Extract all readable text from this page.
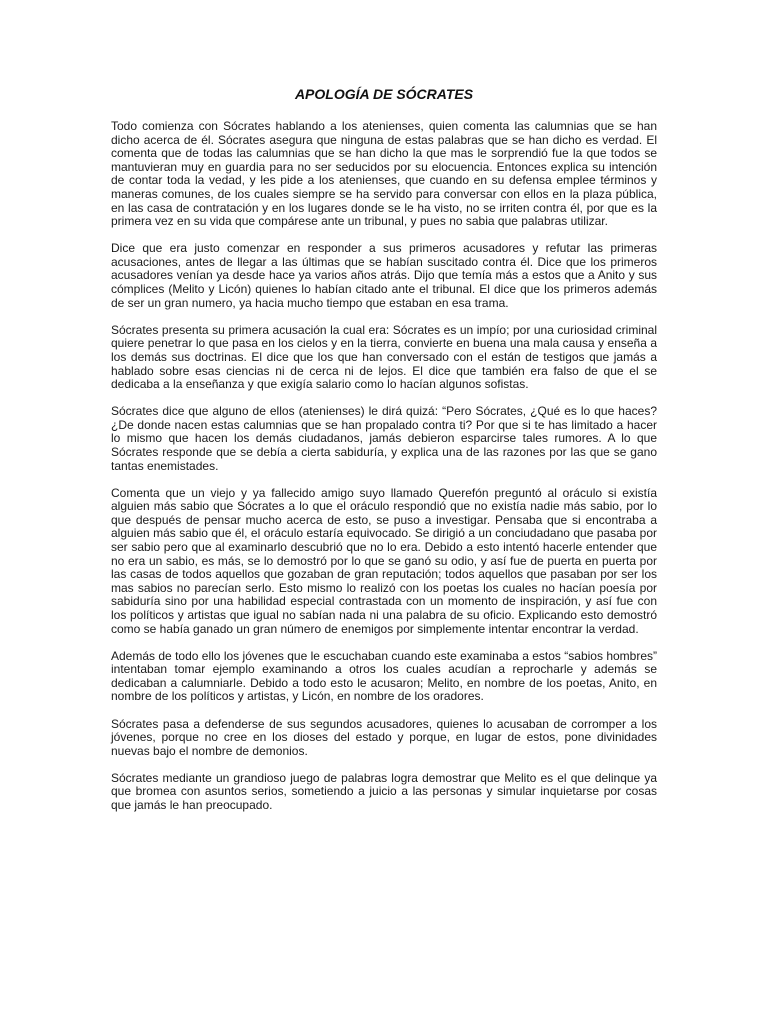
APOLOGÍA DE SÓCRATES

Todo comienza con Sócrates hablando a los atenienses, quien comenta las calumnias que se han dicho acerca de él. Sócrates asegura que ninguna de estas palabras que se han dicho es verdad. El comenta que de todas las calumnias que se han dicho la que mas le sorprendió fue la que todos se mantuvieran muy en guardia para no ser seducidos por su elocuencia. Entonces explica su intención de contar toda la vedad, y les pide a los atenienses, que cuando en su defensa emplee términos y maneras comunes, de los cuales siempre se ha servido para conversar con ellos en la plaza pública, en las casa de contratación y en los lugares donde se le ha visto, no se irriten contra él, por que es la primera vez en su vida que compárese ante un tribunal, y pues no sabia que palabras utilizar.

Dice que era justo comenzar en responder a sus primeros acusadores y refutar las primeras acusaciones, antes de llegar a las últimas que se habían suscitado contra él. Dice que los primeros acusadores venían ya desde hace ya varios años atrás. Dijo que temía más a estos que a Anito y sus cómplices (Melito y Licón) quienes lo habían citado ante el tribunal. El dice que los primeros además de ser un gran numero, ya hacia mucho tiempo que estaban en esa trama.

Sócrates presenta su primera acusación la cual era: Sócrates es un impío; por una curiosidad criminal quiere penetrar lo que pasa en los cielos y en la tierra, convierte en buena una mala causa y enseña a los demás sus doctrinas. El dice que los que han conversado con el están de testigos que jamás a hablado sobre esas ciencias ni de cerca ni de lejos. El dice que también era falso de que el se dedicaba a la enseñanza y que exigía salario como lo hacían algunos sofistas.

Sócrates dice que alguno de ellos (atenienses) le dirá quizá: “Pero Sócrates, ¿Qué es lo que haces? ¿De donde nacen estas calumnias que se han propalado contra ti? Por que si te has limitado a hacer lo mismo que hacen los demás ciudadanos, jamás debieron esparcirse tales rumores. A lo que Sócrates responde que se debía a cierta sabiduría, y explica una de las razones por las que se gano tantas enemistades.

Comenta que un viejo y ya fallecido amigo suyo llamado Querefón preguntó al oráculo si existía alguien más sabio que Sócrates a lo que el oráculo respondió que no existía nadie más sabio, por lo que después de pensar mucho acerca de esto, se puso a investigar. Pensaba que si encontraba a alguien más sabio que él, el oráculo estaría equivocado. Se dirigió a un conciudadano que pasaba por ser sabio pero que al examinarlo descubrió que no lo era. Debido a esto intentó hacerle entender que no era un sabio, es más, se lo demostró por lo que se ganó su odio, y así fue de puerta en puerta por las casas de todos aquellos que gozaban de gran reputación; todos aquellos que pasaban por ser los mas sabios no parecían serlo. Esto mismo lo realizó con los poetas los cuales no hacían poesía por sabiduría sino por una habilidad especial contrastada con un momento de inspiración, y así fue con los políticos y artistas que igual no sabían nada ni una palabra de su oficio. Explicando esto demostró como se había ganado un gran número de enemigos por simplemente intentar encontrar la verdad.

Además de todo ello los jóvenes que le escuchaban cuando este examinaba a estos “sabios hombres” intentaban tomar ejemplo examinando a otros los cuales acudían a reprocharle y además se dedicaban a calumniarle. Debido a todo esto le acusaron; Melito, en nombre de los poetas, Anito, en nombre de los políticos y artistas, y Licón, en nombre de los oradores.

Sócrates pasa a defenderse de sus segundos acusadores, quienes lo acusaban de corromper a los jóvenes, porque no cree en los dioses del estado y porque, en lugar de estos, pone divinidades nuevas bajo el nombre de demonios.

Sócrates mediante un grandioso juego de palabras logra demostrar que Melito es el que delinque ya que bromea con asuntos serios, sometiendo a juicio a las personas y simular inquietarse por cosas que jamás le han preocupado.
